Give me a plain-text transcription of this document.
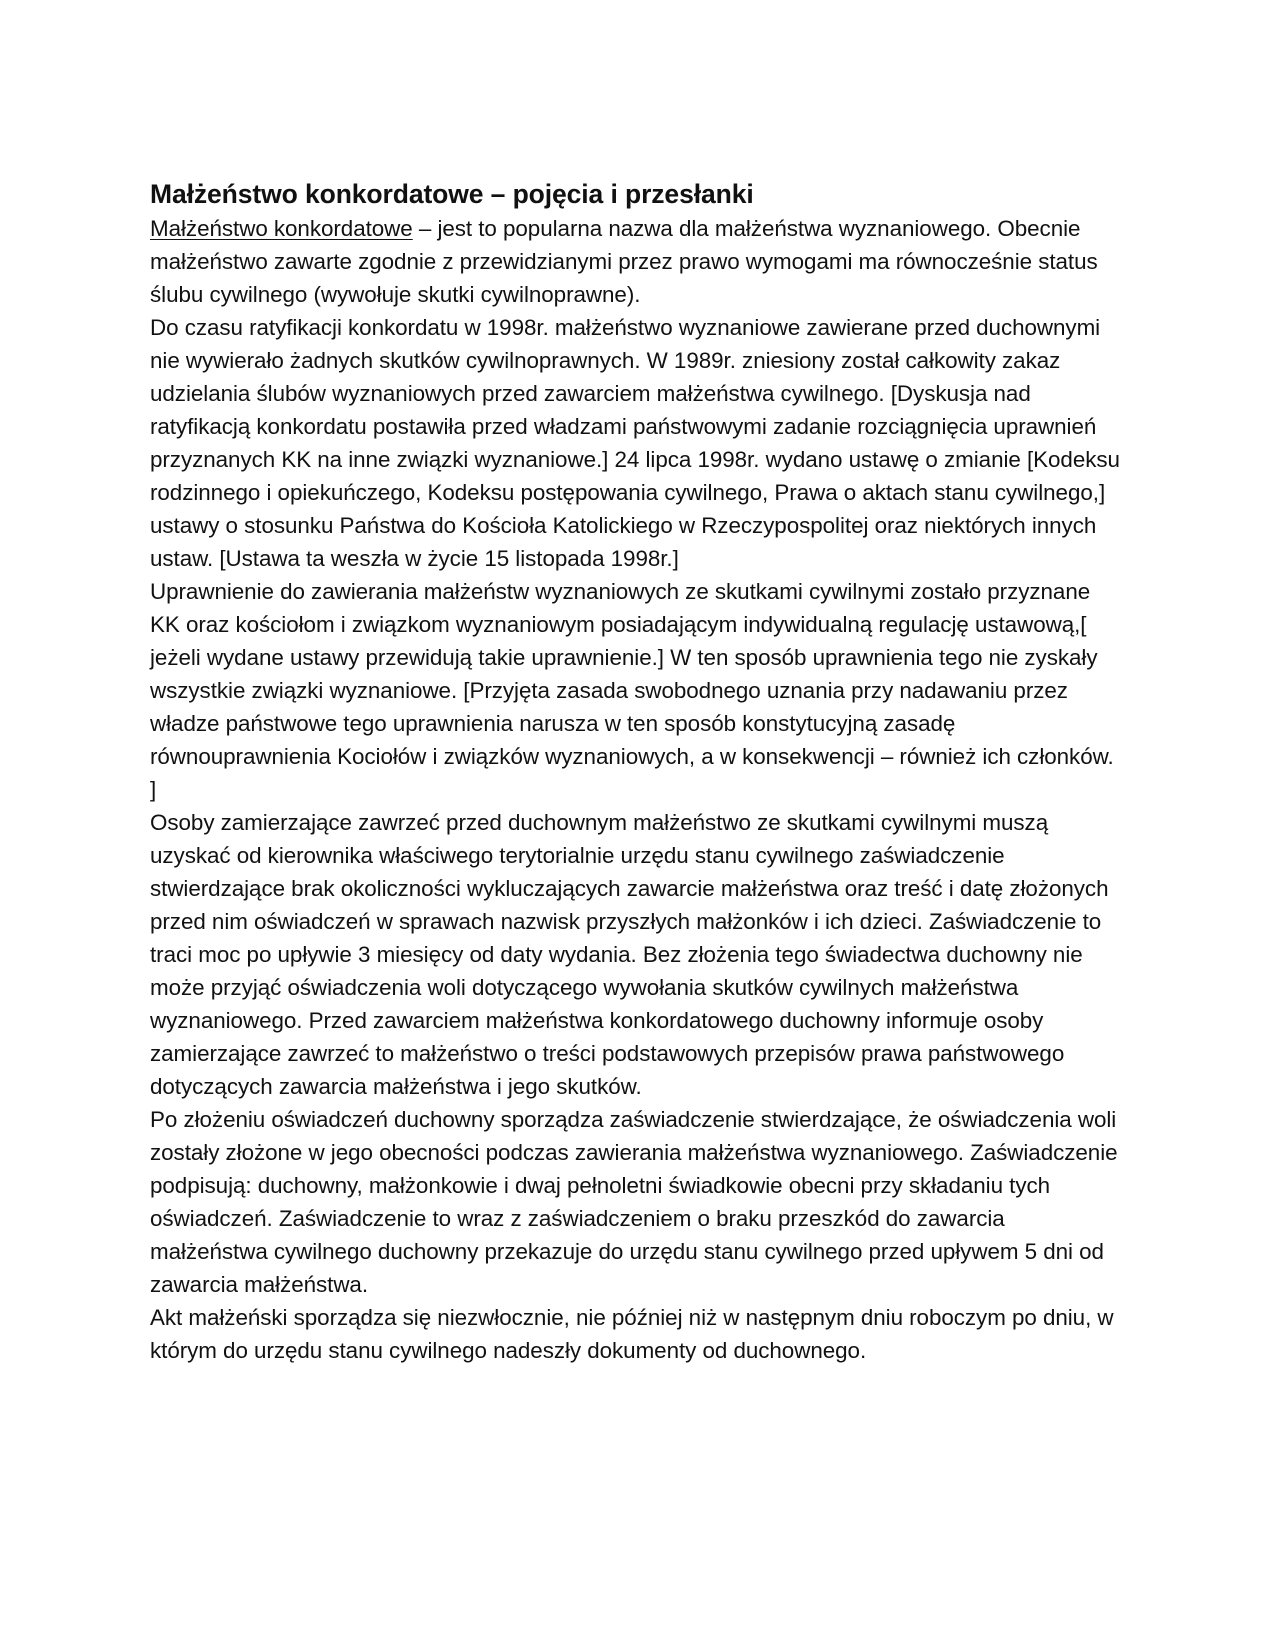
Małżeństwo konkordatowe – pojęcia i przesłanki

Małżeństwo konkordatowe – jest to popularna nazwa dla małżeństwa wyznaniowego. Obecnie małżeństwo zawarte zgodnie z przewidzianymi przez prawo wymogami ma równocześnie status ślubu cywilnego (wywołuje skutki cywilnoprawne).

Do czasu ratyfikacji konkordatu w 1998r. małżeństwo wyznaniowe zawierane przed duchownymi nie wywierało żadnych skutków cywilnoprawnych. W 1989r. zniesiony został całkowity zakaz udzielania ślubów wyznaniowych przed zawarciem małżeństwa cywilnego. [Dyskusja nad ratyfikacją konkordatu postawiła przed władzami państwowymi zadanie rozciągnięcia uprawnień przyznanych KK na inne związki wyznaniowe.] 24 lipca 1998r. wydano ustawę o zmianie [Kodeksu rodzinnego i opiekuńczego, Kodeksu postępowania cywilnego, Prawa o aktach stanu cywilnego,] ustawy o stosunku Państwa do Kościoła Katolickiego w Rzeczypospolitej oraz niektórych innych ustaw. [Ustawa ta weszła w życie 15 listopada 1998r.]

Uprawnienie do zawierania małżeństw wyznaniowych ze skutkami cywilnymi zostało przyznane KK oraz kościołom i związkom wyznaniowym posiadającym indywidualną regulację ustawową,[ jeżeli wydane ustawy przewidują takie uprawnienie.] W ten sposób uprawnienia tego nie zyskały wszystkie związki wyznaniowe. [Przyjęta zasada swobodnego uznania przy nadawaniu przez władze państwowe tego uprawnienia narusza w ten sposób konstytucyjną zasadę równouprawnienia Kociołów i związków wyznaniowych, a w konsekwencji – również ich członków. ]

Osoby zamierzające zawrzeć przed duchownym małżeństwo ze skutkami cywilnymi muszą uzyskać od kierownika właściwego terytorialnie urzędu stanu cywilnego zaświadczenie stwierdzające brak okoliczności wykluczających zawarcie małżeństwa oraz treść i datę złożonych przed nim oświadczeń w sprawach nazwisk przyszłych małżonków i ich dzieci. Zaświadczenie to traci moc po upływie 3 miesięcy od daty wydania. Bez złożenia tego świadectwa duchowny nie może przyjąć oświadczenia woli dotyczącego wywołania skutków cywilnych małżeństwa wyznaniowego. Przed zawarciem małżeństwa konkordatowego duchowny informuje osoby zamierzające zawrzeć to małżeństwo o treści podstawowych przepisów prawa państwowego dotyczących zawarcia małżeństwa i jego skutków.

Po złożeniu oświadczeń duchowny sporządza zaświadczenie stwierdzające, że oświadczenia woli zostały złożone w jego obecności podczas zawierania małżeństwa wyznaniowego. Zaświadczenie podpisują: duchowny, małżonkowie i dwaj pełnoletni świadkowie obecni przy składaniu tych oświadczeń. Zaświadczenie to wraz z zaświadczeniem o braku przeszkód do zawarcia małżeństwa cywilnego duchowny przekazuje do urzędu stanu cywilnego przed upływem 5 dni od zawarcia małżeństwa.

Akt małżeński sporządza się niezwłocznie, nie później niż w następnym dniu roboczym po dniu, w którym do urzędu stanu cywilnego nadeszły dokumenty od duchownego.
